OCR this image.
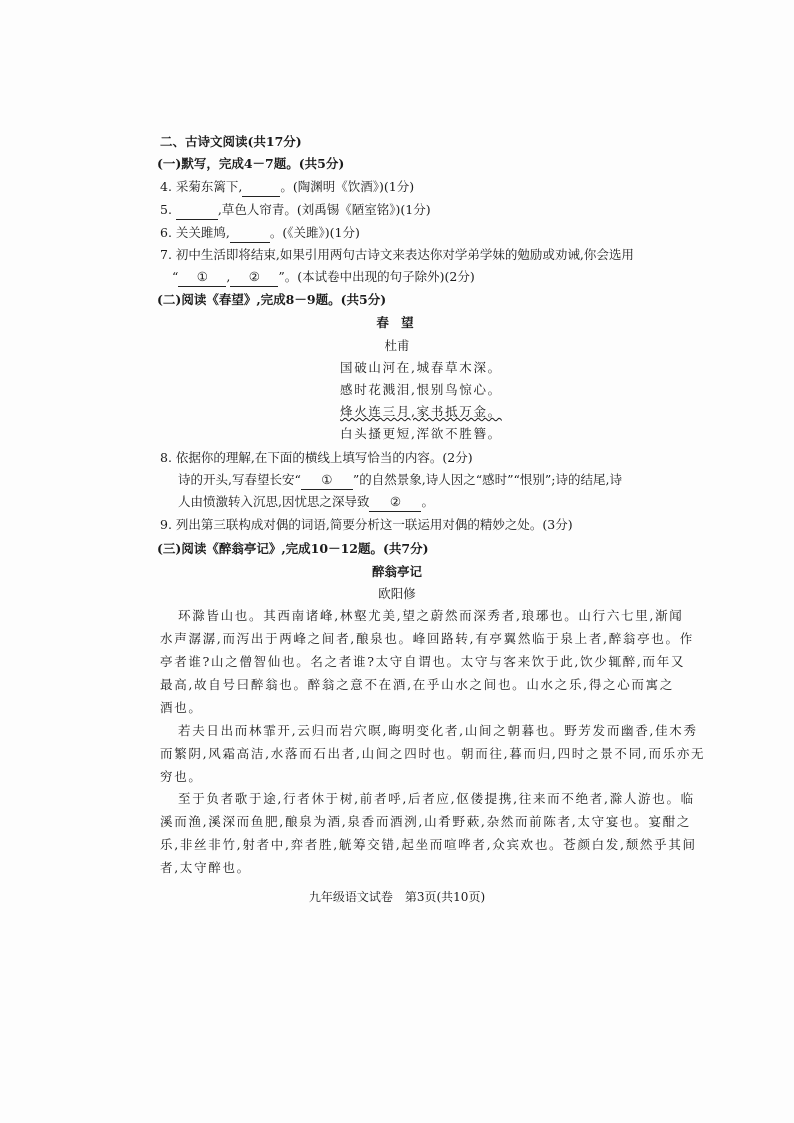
二、古诗文阅读(共17分)
(一)默写，完成4－7题。(共5分)
4. 采菊东篱下,	。(陶渊明《饮酒》)(1分)
5.	,草色人帘青。(刘禹锡《陋室铭》)(1分)
6. 关关雎鸠,	。(《关雎》)(1分)
7. 初中生活即将结束,如果引用两句古诗文来表达你对学弟学妹的勉励或劝诫,你会选用
“ ① , ② ”。(本试卷中出现的句子除外)(2分)
(二)阅读《春望》,完成8－9题。(共5分)
春 望
杜甫
国破山河在,城春草木深。
感时花溅泪,恨别鸟惊心。
烽火连三月,家书抵万金。
白头搔更短,浑欲不胜簪。
8. 依据你的理解,在下面的横线上填写恰当的内容。(2分)
诗的开头,写春望长安“ ① ”的自然景象,诗人因之“感时”“恨别”;诗的结尾,诗
人由愤激转入沉思,因忧思之深导致 ② 。
9. 列出第三联构成对偶的词语,简要分析这一联运用对偶的精妙之处。(3分)
(三)阅读《醉翁亭记》,完成10－12题。(共7分)
醉翁亭记
欧阳修
环滁皆山也。其西南诸峰,林壑尤美,望之蔚然而深秀者,琅琊也。山行六七里,渐闻
水声潺潺,而泻出于两峰之间者,酿泉也。峰回路转,有亭翼然临于泉上者,醉翁亭也。作
亭者谁?山之僧智仙也。名之者谁?太守自谓也。太守与客来饮于此,饮少辄醉,而年又
最高,故自号曰醉翁也。醉翁之意不在酒,在乎山水之间也。山水之乐,得之心而寓之
酒也。
若夫日出而林霏开,云归而岩穴暝,晦明变化者,山间之朝暮也。野芳发而幽香,佳木秀
而繁阴,风霜高洁,水落而石出者,山间之四时也。朝而往,暮而归,四时之景不同,而乐亦无
穷也。
至于负者歌于途,行者休于树,前者呼,后者应,伛偻提携,往来而不绝者,滁人游也。临
溪而渔,溪深而鱼肥,酿泉为酒,泉香而酒洌,山肴野蔌,杂然而前陈者,太守宴也。宴酣之
乐,非丝非竹,射者中,弈者胜,觥筹交错,起坐而喧哗者,众宾欢也。苍颜白发,颓然乎其间
者,太守醉也。
九年级语文试卷　第3页(共10页)
